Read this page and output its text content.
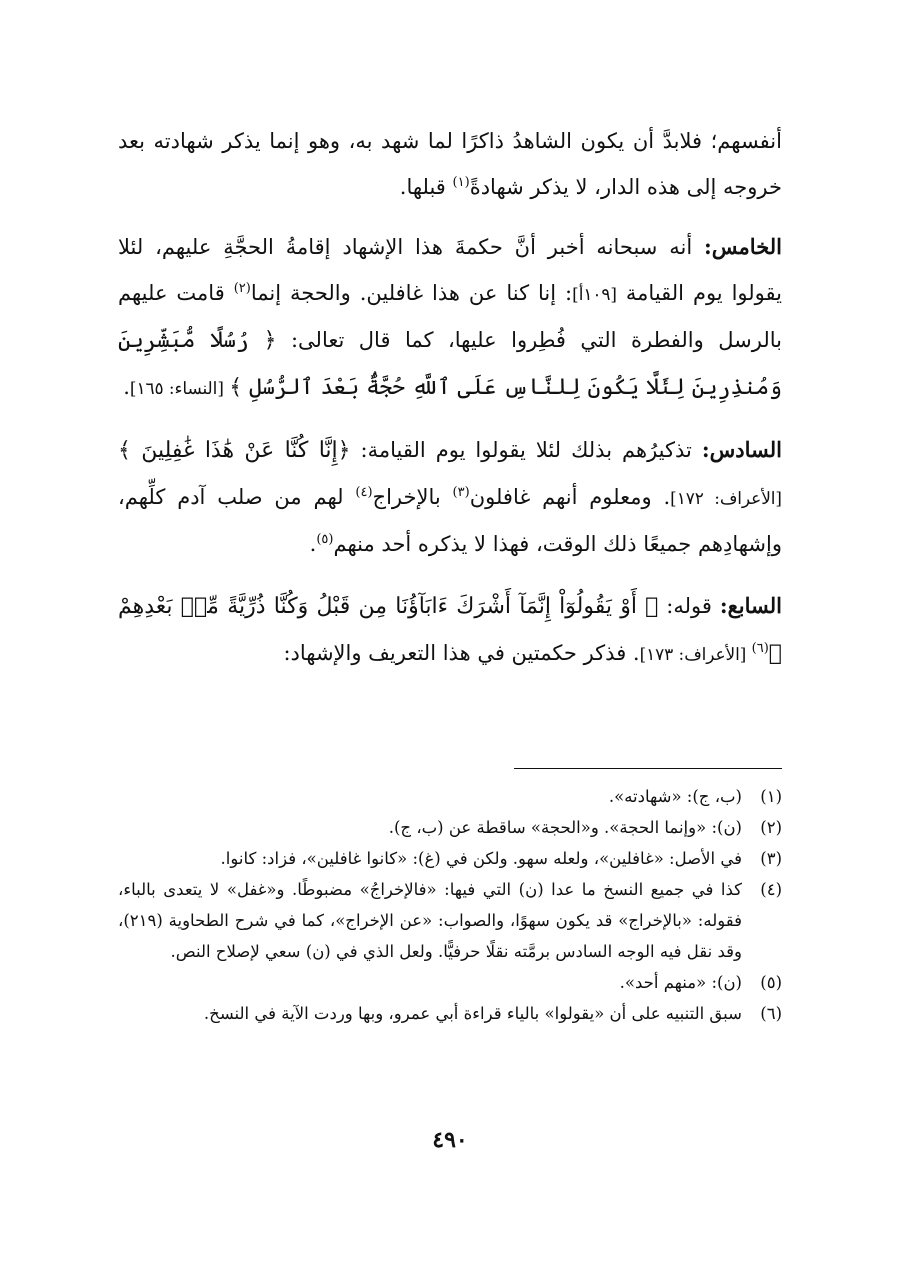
أنفسهم؛ فلابدَّ أن يكون الشاهدُ ذاكرًا لما شهد به، وهو إنما يذكر شهادته بعد خروجه إلى هذه الدار، لا يذكر شهادةً$^{(١)}$ قبلها.

الخامس: أنه سبحانه أخبر أنَّ حكمةَ هذا الإشهاد إقامةُ الحجَّةِ عليهم، لئلا يقولوا يوم القيامة [١٠٩أ]: إنا كنا عن هذا غافلين. والحجة إنما$^{(٢)}$ قامت عليهم بالرسل والفطرة التي فُطِروا عليها، كما قال تعالى: ﴿ رُسُلًا مُّبَشِّرِينَ وَمُنذِرِينَ لِئَلَّا يَكُونَ لِلنَّاسِ عَلَى ٱللَّهِ حُجَّةٌۢ بَعْدَ ٱلرُّسُلِ ﴾ [النساء: ١٦٥].

السادس: تذكيرُهم بذلك لئلا يقولوا يوم القيامة: ﴿إِنَّا كُنَّا عَنْ هَٰذَا غَٰفِلِينَ ﴾ [الأعراف: ١٧٢]. ومعلوم أنهم غافلون$^{(٣)}$ بالإخراج$^{(٤)}$ لهم من صلب آدم كلِّهم، وإشهادِهم جميعًا ذلك الوقت، فهذا لا يذكره أحد منهم$^{(٥)}$.

السابع: قوله: ﴿ أَوْ يَقُولُوٓاْ إِنَّمَآ أَشْرَكَ ءَابَآؤُنَا مِن قَبْلُ وَكُنَّا ذُرِّيَّةً مِّنۢ بَعْدِهِمْ ﴾$^{(٦)}$ [الأعراف: ١٧٣]. فذكر حكمتين في هذا التعريف والإشهاد:

(١)
(ب، ج): «شهادته».
(٢)
(ن): «وإنما الحجة». و«الحجة» ساقطة عن (ب، ج).
(٣)
في الأصل: «غافلين»، ولعله سهو. ولكن في (غ): «كانوا غافلين»، فزاد: كانوا.
(٤)
كذا في جميع النسخ ما عدا (ن) التي فيها: «فالإخراجُ» مضبوطًا. و«غفل» لا يتعدى بالباء، فقوله: «بالإخراج» قد يكون سهوًا، والصواب: «عن الإخراج»، كما في شرح الطحاوية (٢١٩)، وقد نقل فيه الوجه السادس برمَّته نقلًا حرفيًّا. ولعل الذي في (ن) سعي لإصلاح النص.
(٥)
(ن): «منهم أحد».
(٦)
سبق التنبيه على أن «يقولوا» بالياء قراءة أبي عمرو، وبها وردت الآية في النسخ.
٤٩٠
